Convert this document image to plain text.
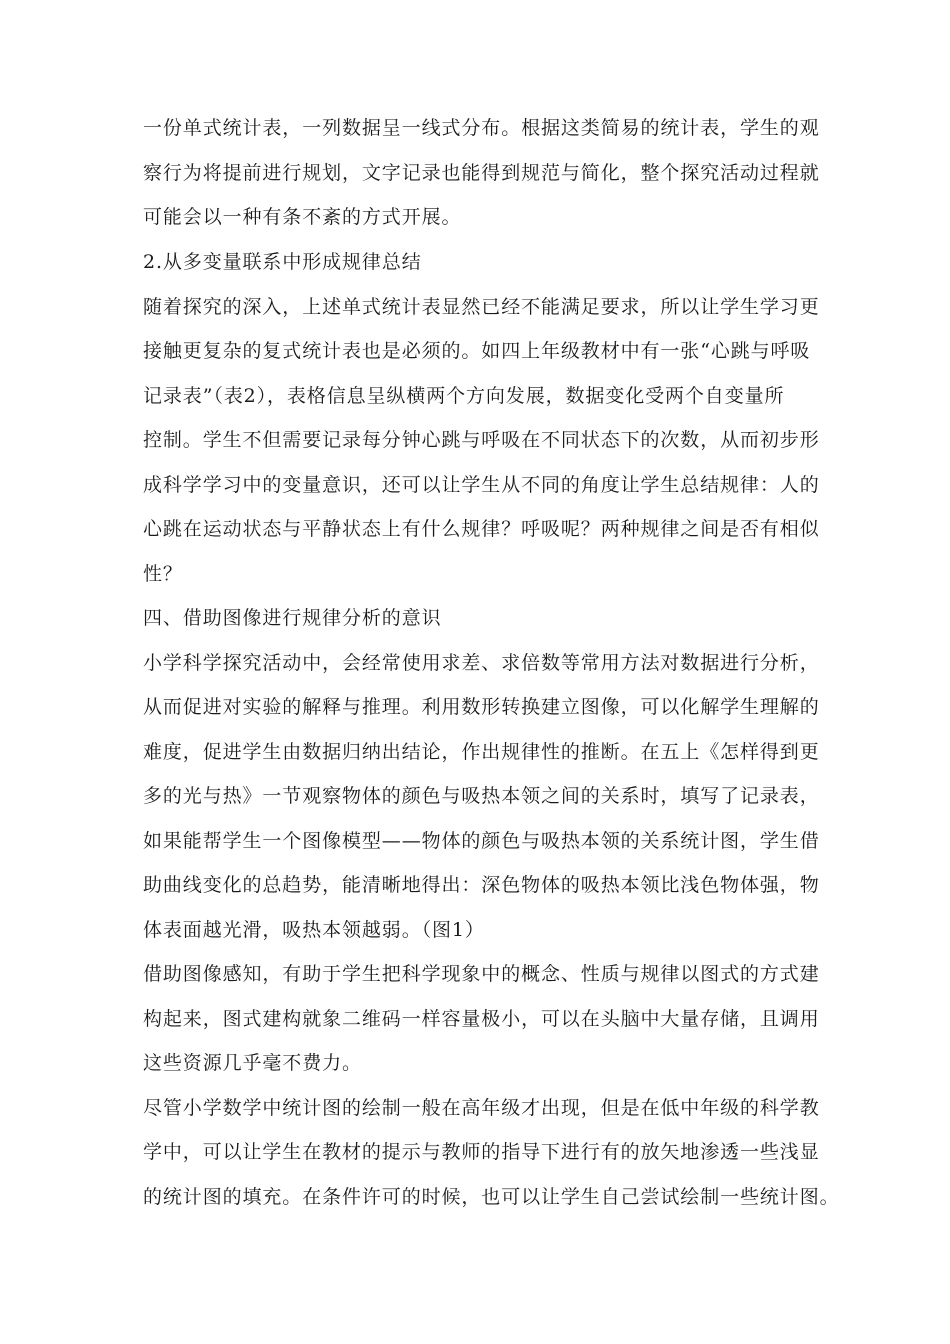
一份单式统计表，一列数据呈一线式分布。根据这类简易的统计表，学生的观
察行为将提前进行规划，文字记录也能得到规范与简化，整个探究活动过程就
可能会以一种有条不紊的方式开展。
2.从多变量联系中形成规律总结
随着探究的深入，上述单式统计表显然已经不能满足要求，所以让学生学习更
接触更复杂的复式统计表也是必须的。如四上年级教材中有一张“心跳与呼吸
记录表”（表2），表格信息呈纵横两个方向发展，数据变化受两个自变量所
控制。学生不但需要记录每分钟心跳与呼吸在不同状态下的次数，从而初步形
成科学学习中的变量意识，还可以让学生从不同的角度让学生总结规律：人的
心跳在运动状态与平静状态上有什么规律？呼吸呢？两种规律之间是否有相似
性？
四、借助图像进行规律分析的意识
小学科学探究活动中，会经常使用求差、求倍数等常用方法对数据进行分析，
从而促进对实验的解释与推理。利用数形转换建立图像，可以化解学生理解的
难度，促进学生由数据归纳出结论，作出规律性的推断。在五上《怎样得到更
多的光与热》一节观察物体的颜色与吸热本领之间的关系时，填写了记录表，
如果能帮学生一个图像模型——物体的颜色与吸热本领的关系统计图，学生借
助曲线变化的总趋势，能清晰地得出：深色物体的吸热本领比浅色物体强，物
体表面越光滑，吸热本领越弱。（图1）
借助图像感知，有助于学生把科学现象中的概念、性质与规律以图式的方式建
构起来，图式建构就象二维码一样容量极小，可以在头脑中大量存储，且调用
这些资源几乎毫不费力。
尽管小学数学中统计图的绘制一般在高年级才出现，但是在低中年级的科学教
学中，可以让学生在教材的提示与教师的指导下进行有的放矢地渗透一些浅显
的统计图的填充。在条件许可的时候，也可以让学生自己尝试绘制一些统计图。
